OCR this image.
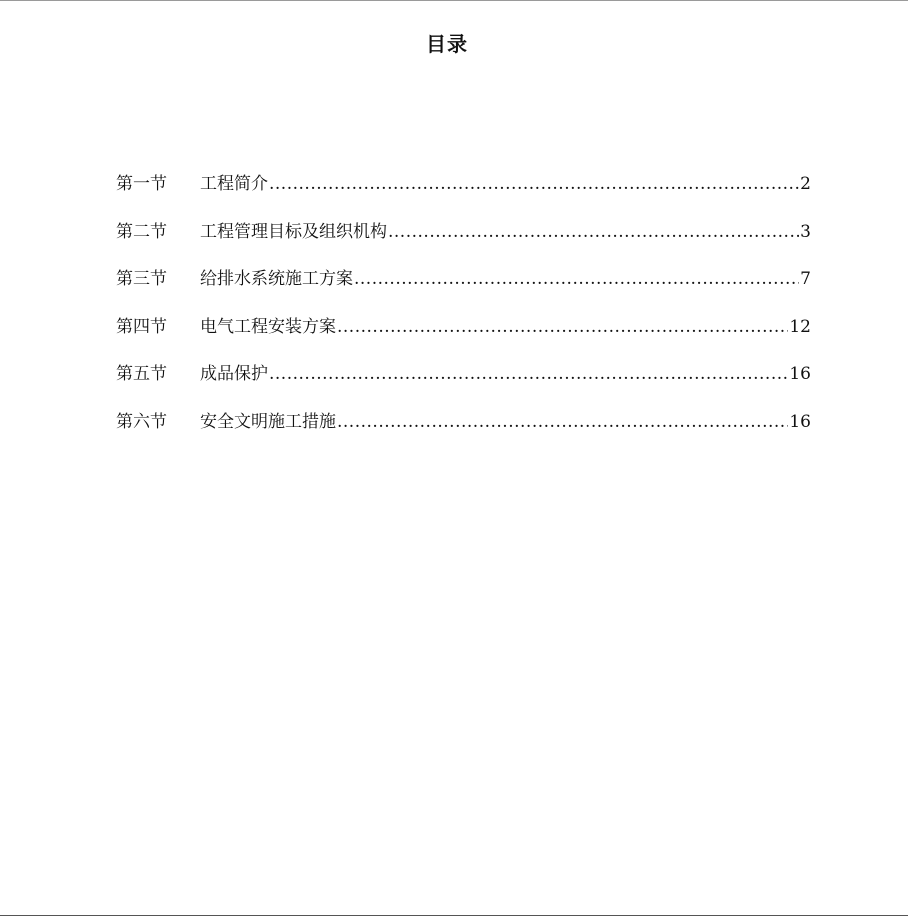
目录
第一节	工程简介 .....	2
第二节	工程管理目标及组织机构 .....	3
第三节	给排水系统施工方案 .....	7
第四节	电气工程安装方案 .....	12
第五节	成品保护 .....	16
第六节	安全文明施工措施 .....	16
